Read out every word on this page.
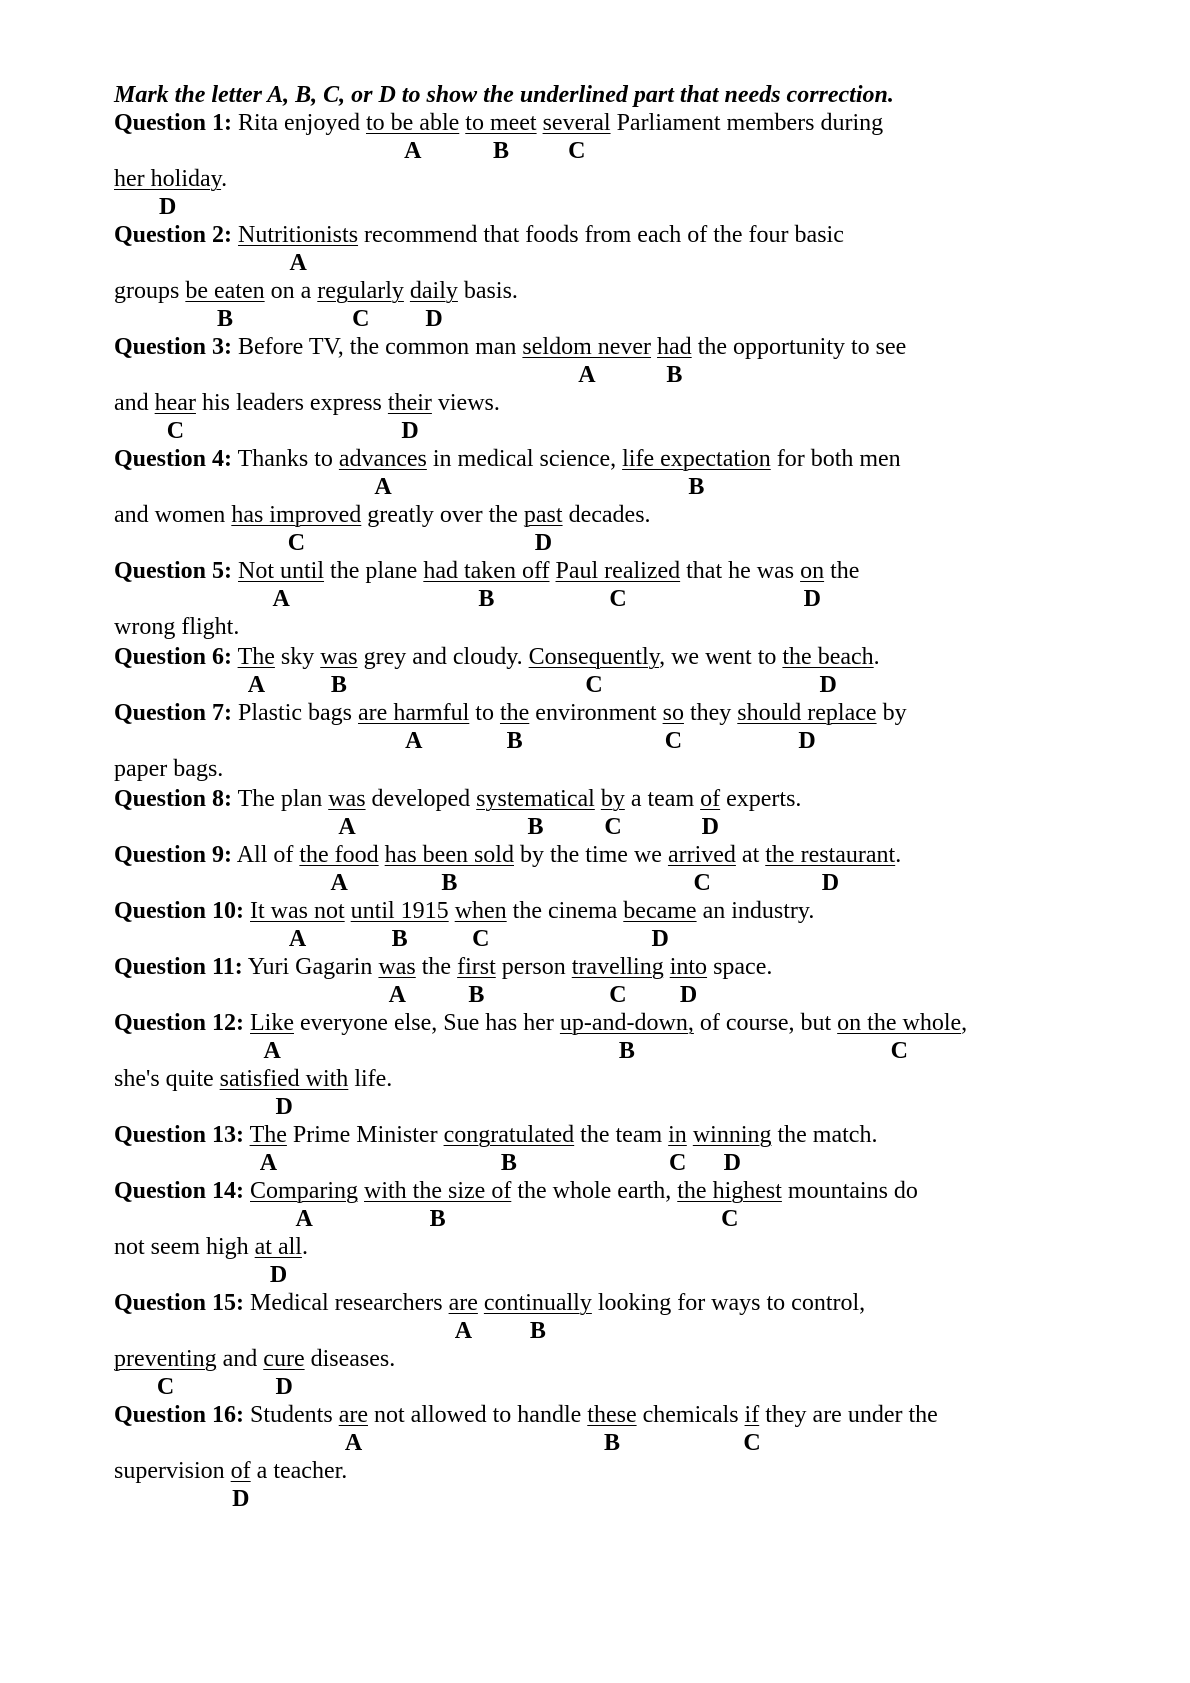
Mark the letter A, B, C, or D to show the underlined part that needs correction.
Question 1: Rita enjoyed to be able to meet several Parliament members during
her holiday.
Question 2: Nutritionists recommend that foods from each of the four basic
groups be eaten on a regularly daily basis.
Question 3: Before TV, the common man seldom never had the opportunity to see
and hear his leaders express their views.
Question 4: Thanks to advances in medical science, life expectation for both men
and women has improved greatly over the past decades.
Question 5: Not until the plane had taken off Paul realized that he was on the
wrong flight.
Question 6: The sky was grey and cloudy. Consequently, we went to the beach.
Question 7: Plastic bags are harmful to the environment so they should replace by
paper bags.
Question 8: The plan was developed systematical by a team of experts.
Question 9: All of the food has been sold by the time we arrived at the restaurant.
Question 10: It was not until 1915 when the cinema became an industry.
Question 11: Yuri Gagarin was the first person travelling into space.
Question 12: Like everyone else, Sue has her up-and-down, of course, but on the whole,
she's quite satisfied with life.
Question 13: The Prime Minister congratulated the team in winning the match.
Question 14: Comparing with the size of the whole earth, the highest mountains do
not seem high at all.
Question 15: Medical researchers are continually looking for ways to control,
preventing and cure diseases.
Question 16: Students are not allowed to handle these chemicals if they are under the
supervision of a teacher.
A	B C
D
A
B	C D
A	B
C	D
A	B
C	D
A	B	C	D
A	B	C	D
A	B	C	D
A	B	C	D
A	B	C	D
A	B	C	D
A	B	C D
A	B	C
D
A	B	C D
A	B	C
D
A B
C	D
A	B	C
D
